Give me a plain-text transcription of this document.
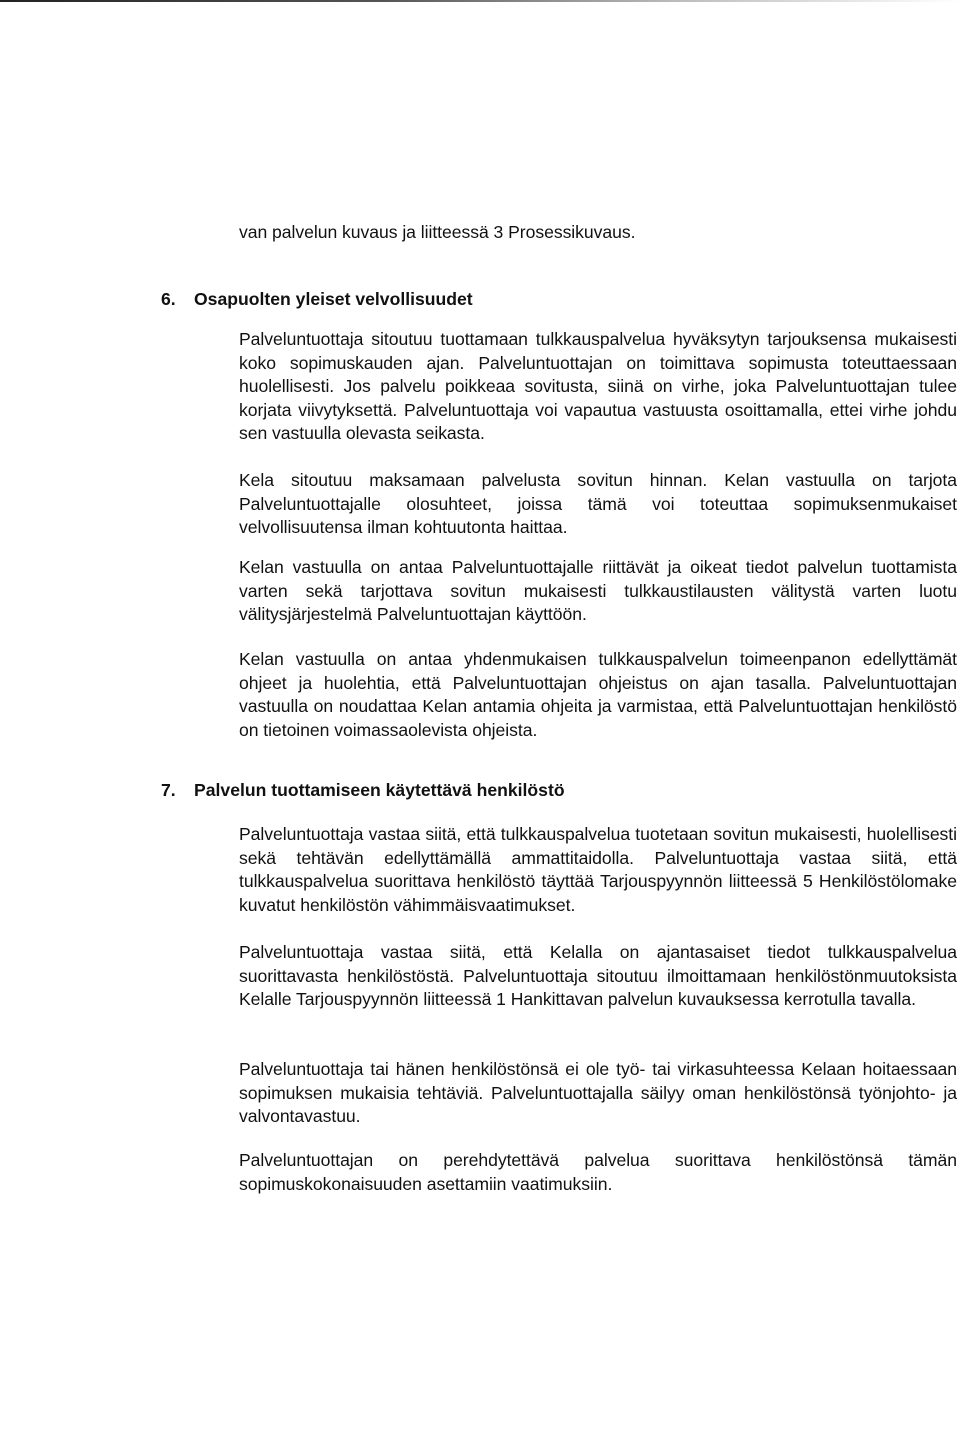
van palvelun kuvaus ja liitteessä 3 Prosessikuvaus.

6. Osapuolten yleiset velvollisuudet

Palveluntuottaja sitoutuu tuottamaan tulkkauspalvelua hyväksytyn tarjouksensa mukaisesti koko sopimuskauden ajan. Palveluntuottajan on toimittava sopimusta toteuttaessaan huolellisesti. Jos palvelu poikkeaa sovitusta, siinä on virhe, joka Palveluntuottajan tulee korjata viivytyksettä. Palveluntuottaja voi vapautua vastuusta osoittamalla, ettei virhe johdu sen vastuulla olevasta seikasta.

Kela sitoutuu maksamaan palvelusta sovitun hinnan. Kelan vastuulla on tarjota Palveluntuottajalle olosuhteet, joissa tämä voi toteuttaa sopimuksenmukaiset velvollisuutensa ilman kohtuutonta haittaa.

Kelan vastuulla on antaa Palveluntuottajalle riittävät ja oikeat tiedot palvelun tuottamista varten sekä tarjottava sovitun mukaisesti tulkkaustilausten välitystä varten luotu välitysjärjestelmä Palveluntuottajan käyttöön.

Kelan vastuulla on antaa yhdenmukaisen tulkkauspalvelun toimeenpanon edellyttämät ohjeet ja huolehtia, että Palveluntuottajan ohjeistus on ajan tasalla. Palveluntuottajan vastuulla on noudattaa Kelan antamia ohjeita ja varmistaa, että Palveluntuottajan henkilöstö on tietoinen voimassaolevista ohjeista.

7. Palvelun tuottamiseen käytettävä henkilöstö

Palveluntuottaja vastaa siitä, että tulkkauspalvelua tuotetaan sovitun mukaisesti, huolellisesti sekä tehtävän edellyttämällä ammattitaidolla. Palveluntuottaja vastaa siitä, että tulkkauspalvelua suorittava henkilöstö täyttää Tarjouspyynnön liitteessä 5 Henkilöstölomake kuvatut henkilöstön vähimmäisvaatimukset.

Palveluntuottaja vastaa siitä, että Kelalla on ajantasaiset tiedot tulkkauspalvelua suorittavasta henkilöstöstä. Palveluntuottaja sitoutuu ilmoittamaan henkilöstönmuutoksista Kelalle Tarjouspyynnön liitteessä 1 Hankittavan palvelun kuvauksessa kerrotulla tavalla.

Palveluntuottaja tai hänen henkilöstönsä ei ole työ- tai virkasuhteessa Kelaan hoitaessaan sopimuksen mukaisia tehtäviä. Palveluntuottajalla säilyy oman henkilöstönsä työnjohto- ja valvontavastuu.

Palveluntuottajan on perehdytettävä palvelua suorittava henkilöstönsä tämän sopimuskokonaisuuden asettamiin vaatimuksiin.
